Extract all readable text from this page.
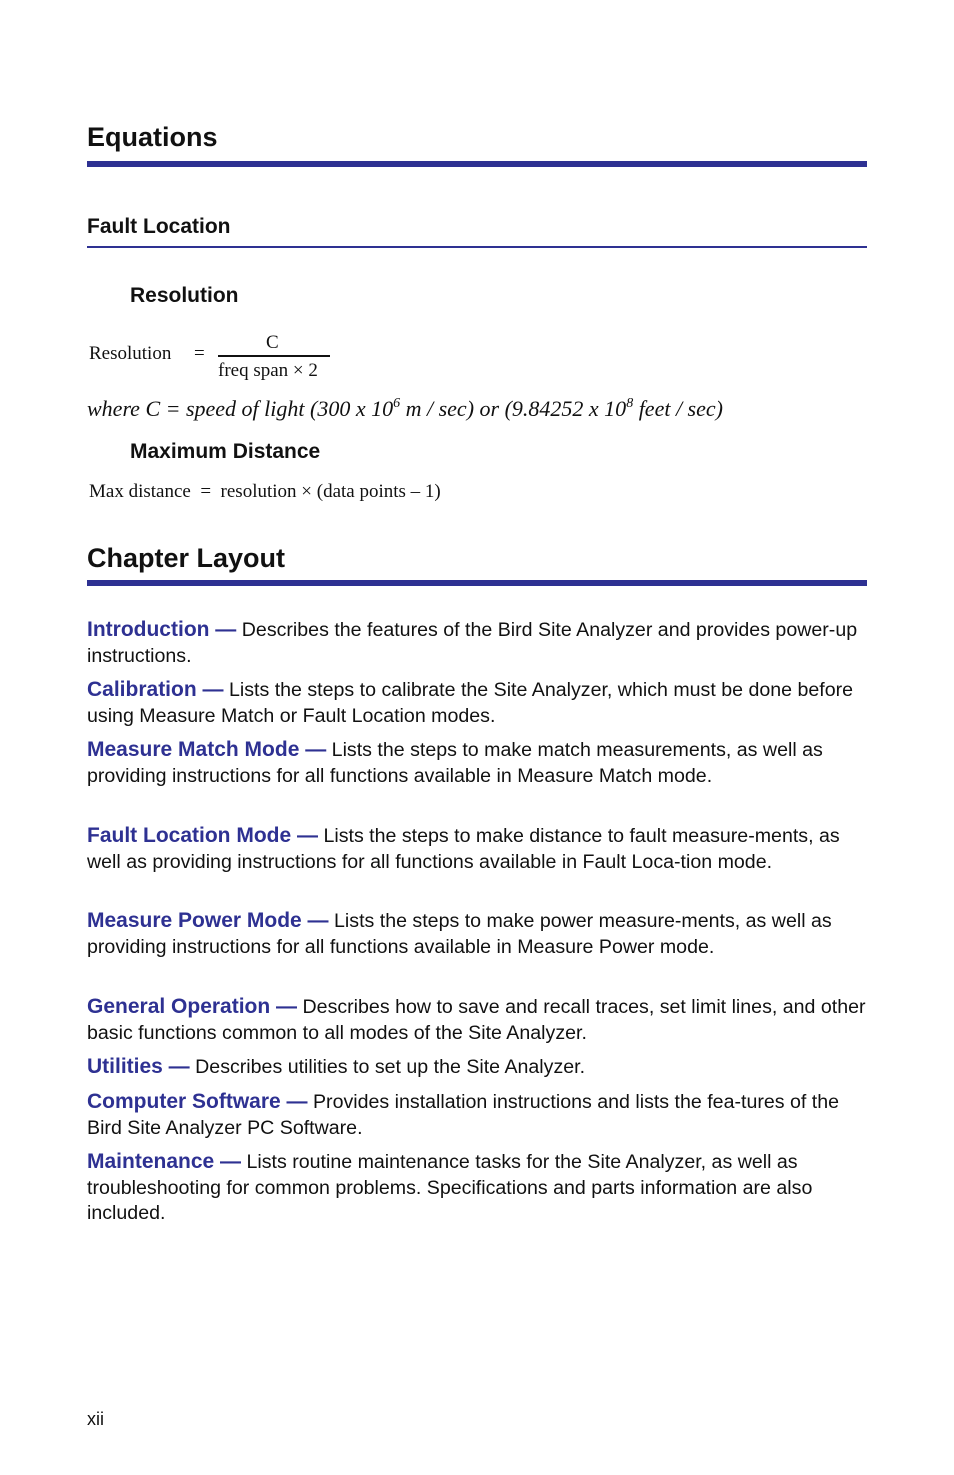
Equations
Fault Location
Resolution
Resolution =
C
freq span × 2
where C = speed of light (300 x $10^6$ m / sec) or (9.84252 x $10^8$ feet / sec)
Maximum Distance
Max distance  =  resolution × (data points – 1)
Chapter Layout
Introduction — Describes the features of the Bird Site Analyzer and provides power-up instructions.
Calibration — Lists the steps to calibrate the Site Analyzer, which must be done before using Measure Match or Fault Location modes.
Measure Match Mode — Lists the steps to make match measurements, as well as providing instructions for all functions available in Measure Match mode.
Fault Location Mode — Lists the steps to make distance to fault measure-ments, as well as providing instructions for all functions available in Fault Loca-tion mode.
Measure Power Mode — Lists the steps to make power measure-ments, as well as providing instructions for all functions available in Measure Power mode.
General Operation — Describes how to save and recall traces, set limit lines, and other basic functions common to all modes of the Site Analyzer.
Utilities — Describes utilities to set up the Site Analyzer.
Computer Software — Provides installation instructions and lists the fea-tures of the Bird Site Analyzer PC Software.
Maintenance — Lists routine maintenance tasks for the Site Analyzer, as well as troubleshooting for common problems. Specifications and parts information are also included.
xii
